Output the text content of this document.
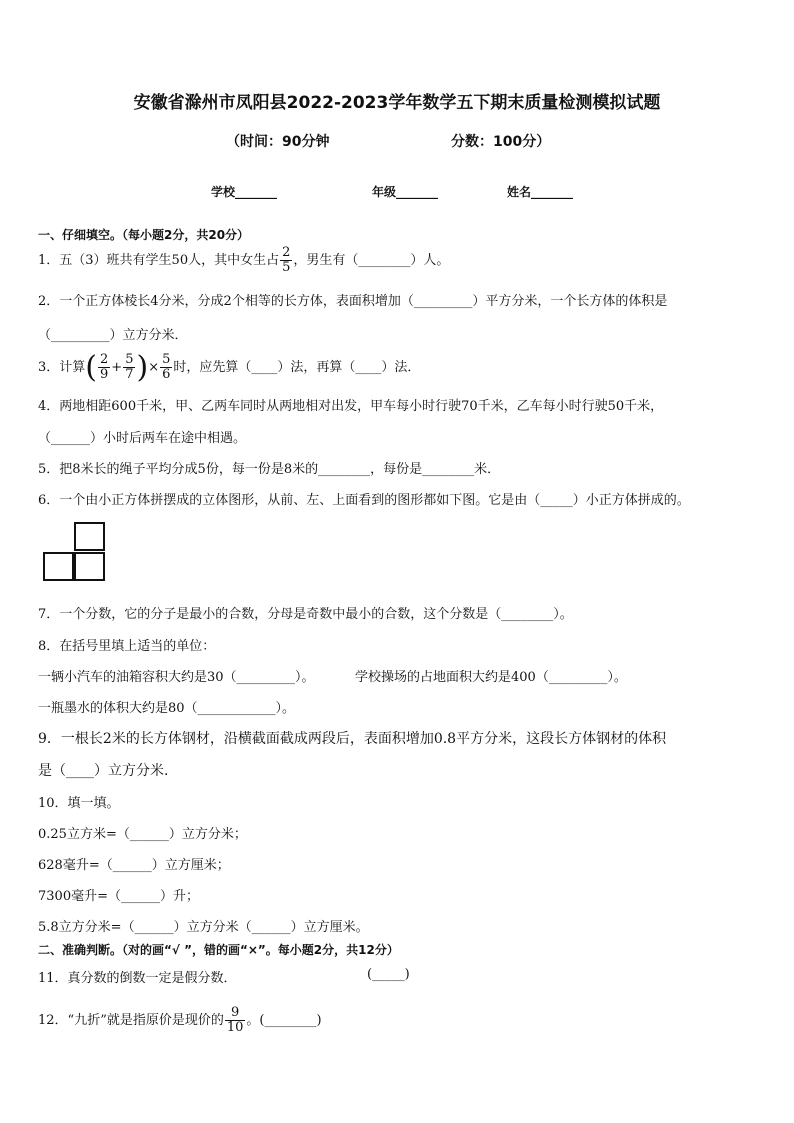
安徽省滁州市凤阳县2022-2023学年数学五下期末质量检测模拟试题
（时间：90分钟	分数：100分）
学校_______	年级_______	姓名_______
一、仔细填空。（每小题2分，共20分）
1．五（3）班共有学生50人，其中女生占 $\frac{2}{5}$ ，男生有（________）人。
2．一个正方体棱长4分米，分成2个相等的长方体，表面积增加（_________）平方分米，一个长方体的体积是
（_________）立方分米．
3．计算( $\frac{2}{9} + \frac{5}{7}$ )× $\frac{5}{6}$ 时，应先算（____）法，再算（____）法．
4．两地相距600千米，甲、乙两车同时从两地相对出发，甲车每小时行驶70千米，乙车每小时行驶50千米，
（______）小时后两车在途中相遇。
5．把8米长的绳子平均分成5份，每一份是8米的________，每份是________米．
6．一个由小正方体拼摆成的立体图形，从前、左、上面看到的图形都如下图。它是由（_____）小正方体拼成的。
7．一个分数，它的分子是最小的合数，分母是奇数中最小的合数，这个分数是（________）。
8．在括号里填上适当的单位：
一辆小汽车的油箱容积大约是30（_________）。	学校操场的占地面积大约是400（_________）。
一瓶墨水的体积大约是80（____________）。
9．一根长2米的长方体钢材，沿横截面截成两段后，表面积增加0.8平方分米，这段长方体钢材的体积
是（____）立方分米.
10．填一填。
0.25立方米=（______）立方分米；
628毫升=（______）立方厘米；
7300毫升=（______）升；
5.8立方分米=（______）立方分米（______）立方厘米。
二、准确判断。（对的画“√ ”，错的画“×”。每小题2分，共12分）
11．真分数的倒数一定是假分数．	(_____)
12．“九折”就是指原价是现价的 $\frac{9}{10}$ 。(________)
